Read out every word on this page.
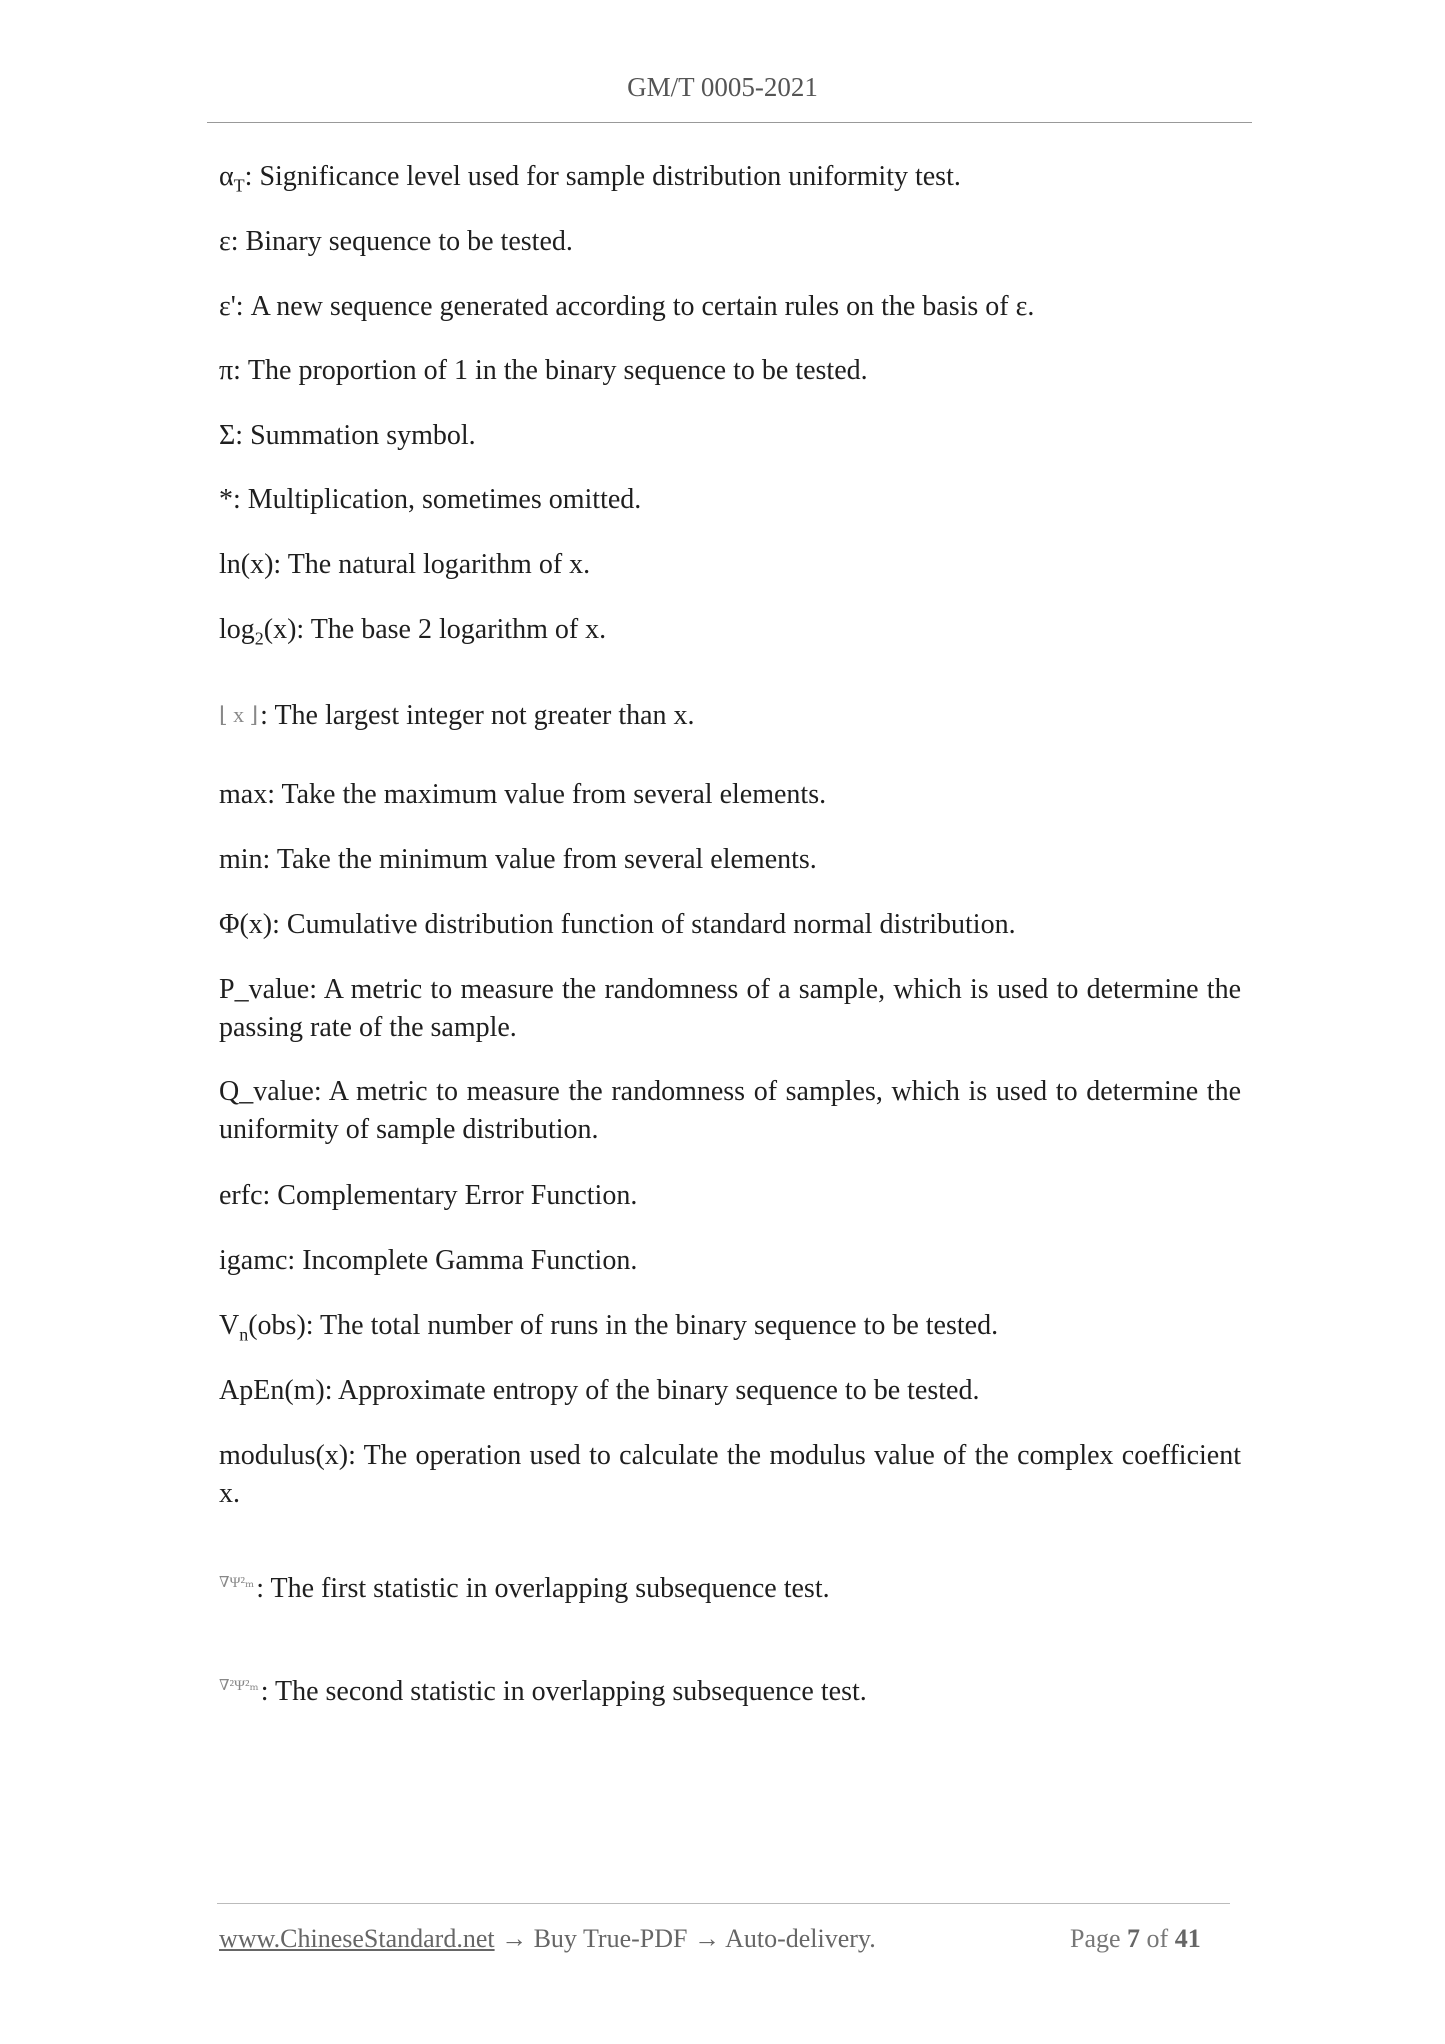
GM/T 0005-2021
$\alpha_T$: Significance level used for sample distribution uniformity test.
ε: Binary sequence to be tested.
ε': A new sequence generated according to certain rules on the basis of ε.
π: The proportion of 1 in the binary sequence to be tested.
Σ: Summation symbol.
*: Multiplication, sometimes omitted.
ln(x): The natural logarithm of x.
$\log_2(x)$: The base 2 logarithm of x.
⌊ x ⌋: The largest integer not greater than x.
max: Take the maximum value from several elements.
min: Take the minimum value from several elements.
Φ(x): Cumulative distribution function of standard normal distribution.
P_value: A metric to measure the randomness of a sample, which is used to determine the passing rate of the sample.
Q_value: A metric to measure the randomness of samples, which is used to determine the uniformity of sample distribution.
erfc: Complementary Error Function.
igamc: Incomplete Gamma Function.
$V_n(obs)$: The total number of runs in the binary sequence to be tested.
ApEn(m): Approximate entropy of the binary sequence to be tested.
modulus(x): The operation used to calculate the modulus value of the complex coefficient x.
∇Ψ²ₘ: The first statistic in overlapping subsequence test.
∇²Ψ²ₘ: The second statistic in overlapping subsequence test.
www.ChineseStandard.net → Buy True-PDF → Auto-delivery.	Page 7 of 41
